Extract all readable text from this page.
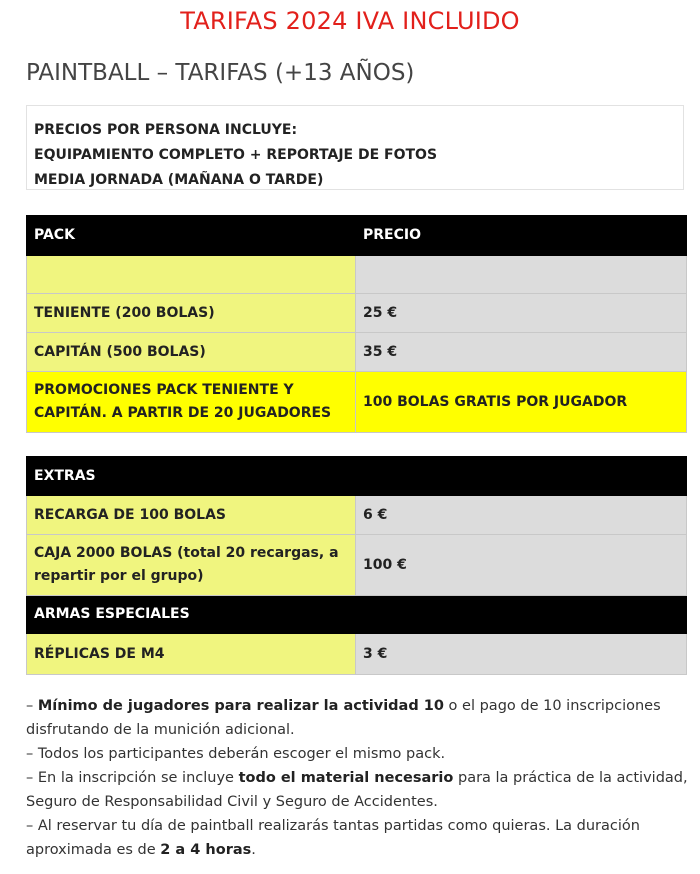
TARIFAS 2024 IVA INCLUIDO
PAINTBALL – TARIFAS (+13 AÑOS)
PRECIOS POR PERSONA INCLUYE:
EQUIPAMIENTO COMPLETO + REPORTAJE DE FOTOS
MEDIA JORNADA (MAÑANA O TARDE)
PACK	PRECIO

TENIENTE (200 BOLAS)	25 €
CAPITÁN (500 BOLAS)	35 €
PROMOCIONES PACK TENIENTE Y CAPITÁN. A PARTIR DE 20 JUGADORES	100 BOLAS GRATIS POR JUGADOR
EXTRAS	
RECARGA DE 100 BOLAS	6 €
CAJA 2000 BOLAS (total 20 recargas, a repartir por el grupo)	100 €
ARMAS ESPECIALES	
RÉPLICAS DE M4	3 €

– Mínimo de jugadores para realizar la actividad 10 o el pago de 10 inscripciones disfrutando de la munición adicional.

– Todos los participantes deberán escoger el mismo pack.

– En la inscripción se incluye todo el material necesario para la práctica de la actividad, Seguro de Responsabilidad Civil y Seguro de Accidentes.

– Al reservar tu día de paintball realizarás tantas partidas como quieras. La duración aproximada es de 2 a 4 horas.
